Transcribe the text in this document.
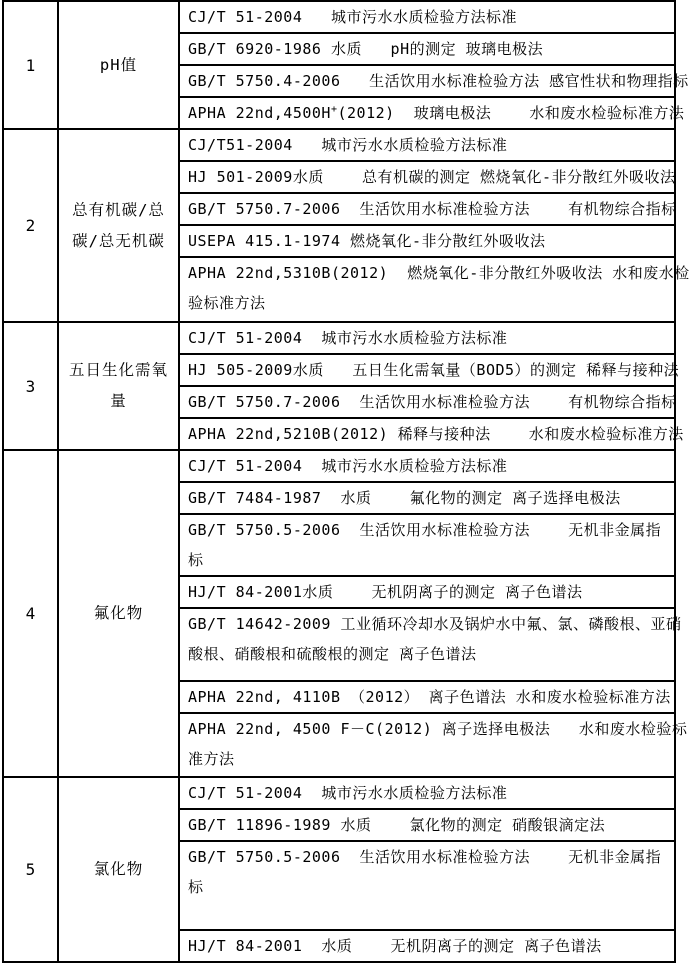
1	pH值	CJ/T 51-2004   城市污水水质检验方法标准

		GB/T 6920-1986 水质   pH的测定 玻璃电极法

		GB/T 5750.4-2006   生活饮用水标准检验方法 感官性状和物理指标

		APHA 22nd,4500H+(2012)  玻璃电极法    水和废水检验标准方法

2	总有机碳/总
碳/总无机碳	CJ/T51-2004   城市污水水质检验方法标准

		HJ 501-2009水质    总有机碳的测定 燃烧氧化-非分散红外吸收法

		GB/T 5750.7-2006  生活饮用水标准检验方法    有机物综合指标

		USEPA 415.1-1974 燃烧氧化-非分散红外吸收法

		APHA 22nd,5310B(2012)  燃烧氧化-非分散红外吸收法 水和废水检
验标准方法

3	五日生化需氧
量	CJ/T 51-2004  城市污水水质检验方法标准

		HJ 505-2009水质   五日生化需氧量（BOD5）的测定 稀释与接种法

		GB/T 5750.7-2006  生活饮用水标准检验方法    有机物综合指标

		APHA 22nd,5210B(2012) 稀释与接种法    水和废水检验标准方法

4	氟化物	CJ/T 51-2004  城市污水水质检验方法标准

		GB/T 7484-1987  水质    氟化物的测定 离子选择电极法

		GB/T 5750.5-2006  生活饮用水标准检验方法    无机非金属指
标

		HJ/T 84-2001水质    无机阴离子的测定 离子色谱法

		GB/T 14642-2009 工业循环冷却水及锅炉水中氟、氯、磷酸根、亚硝
酸根、硝酸根和硫酸根的测定 离子色谱法

		APHA 22nd, 4110B （2012） 离子色谱法 水和废水检验标准方法

		APHA 22nd, 4500 F－C(2012) 离子选择电极法   水和废水检验标
准方法

5	氯化物	CJ/T 51-2004  城市污水水质检验方法标准

		GB/T 11896-1989 水质    氯化物的测定 硝酸银滴定法

		GB/T 5750.5-2006  生活饮用水标准检验方法    无机非金属指
标

		HJ/T 84-2001  水质    无机阴离子的测定 离子色谱法
